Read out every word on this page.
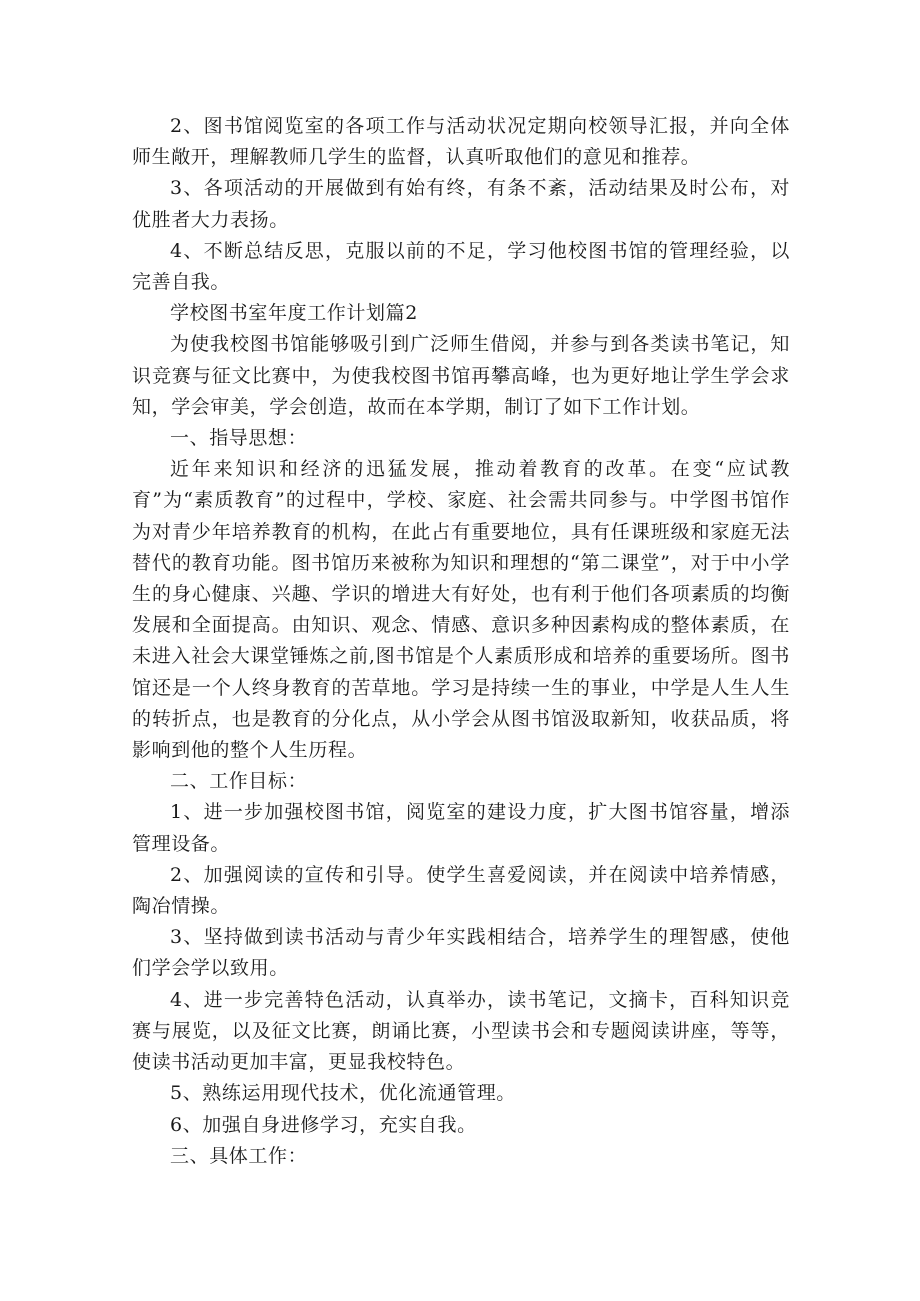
2、图书馆阅览室的各项工作与活动状况定期向校领导汇报，并向全体师生敞开，理解教师几学生的监督，认真听取他们的意见和推荐。

3、各项活动的开展做到有始有终，有条不紊，活动结果及时公布，对优胜者大力表扬。

4、不断总结反思，克服以前的不足，学习他校图书馆的管理经验，以完善自我。

学校图书室年度工作计划篇2

为使我校图书馆能够吸引到广泛师生借阅，并参与到各类读书笔记，知识竞赛与征文比赛中，为使我校图书馆再攀高峰，也为更好地让学生学会求知，学会审美，学会创造，故而在本学期，制订了如下工作计划。

一、指导思想：

近年来知识和经济的迅猛发展，推动着教育的改革。在变“应试教育”为“素质教育”的过程中，学校、家庭、社会需共同参与。中学图书馆作为对青少年培养教育的机构，在此占有重要地位，具有任课班级和家庭无法替代的教育功能。图书馆历来被称为知识和理想的“第二课堂”，对于中小学生的身心健康、兴趣、学识的增进大有好处，也有利于他们各项素质的均衡发展和全面提高。由知识、观念、情感、意识多种因素构成的整体素质，在未进入社会大课堂锤炼之前,图书馆是个人素质形成和培养的重要场所。图书馆还是一个人终身教育的苦草地。学习是持续一生的事业，中学是人生人生的转折点，也是教育的分化点，从小学会从图书馆汲取新知，收获品质，将影响到他的整个人生历程。

二、工作目标：

1、进一步加强校图书馆，阅览室的建设力度，扩大图书馆容量，增添管理设备。

2、加强阅读的宣传和引导。使学生喜爱阅读，并在阅读中培养情感，陶冶情操。

3、坚持做到读书活动与青少年实践相结合，培养学生的理智感，使他们学会学以致用。

4、进一步完善特色活动，认真举办，读书笔记，文摘卡，百科知识竞赛与展览，以及征文比赛，朗诵比赛，小型读书会和专题阅读讲座，等等，使读书活动更加丰富，更显我校特色。

5、熟练运用现代技术，优化流通管理。

6、加强自身进修学习，充实自我。

三、具体工作：
